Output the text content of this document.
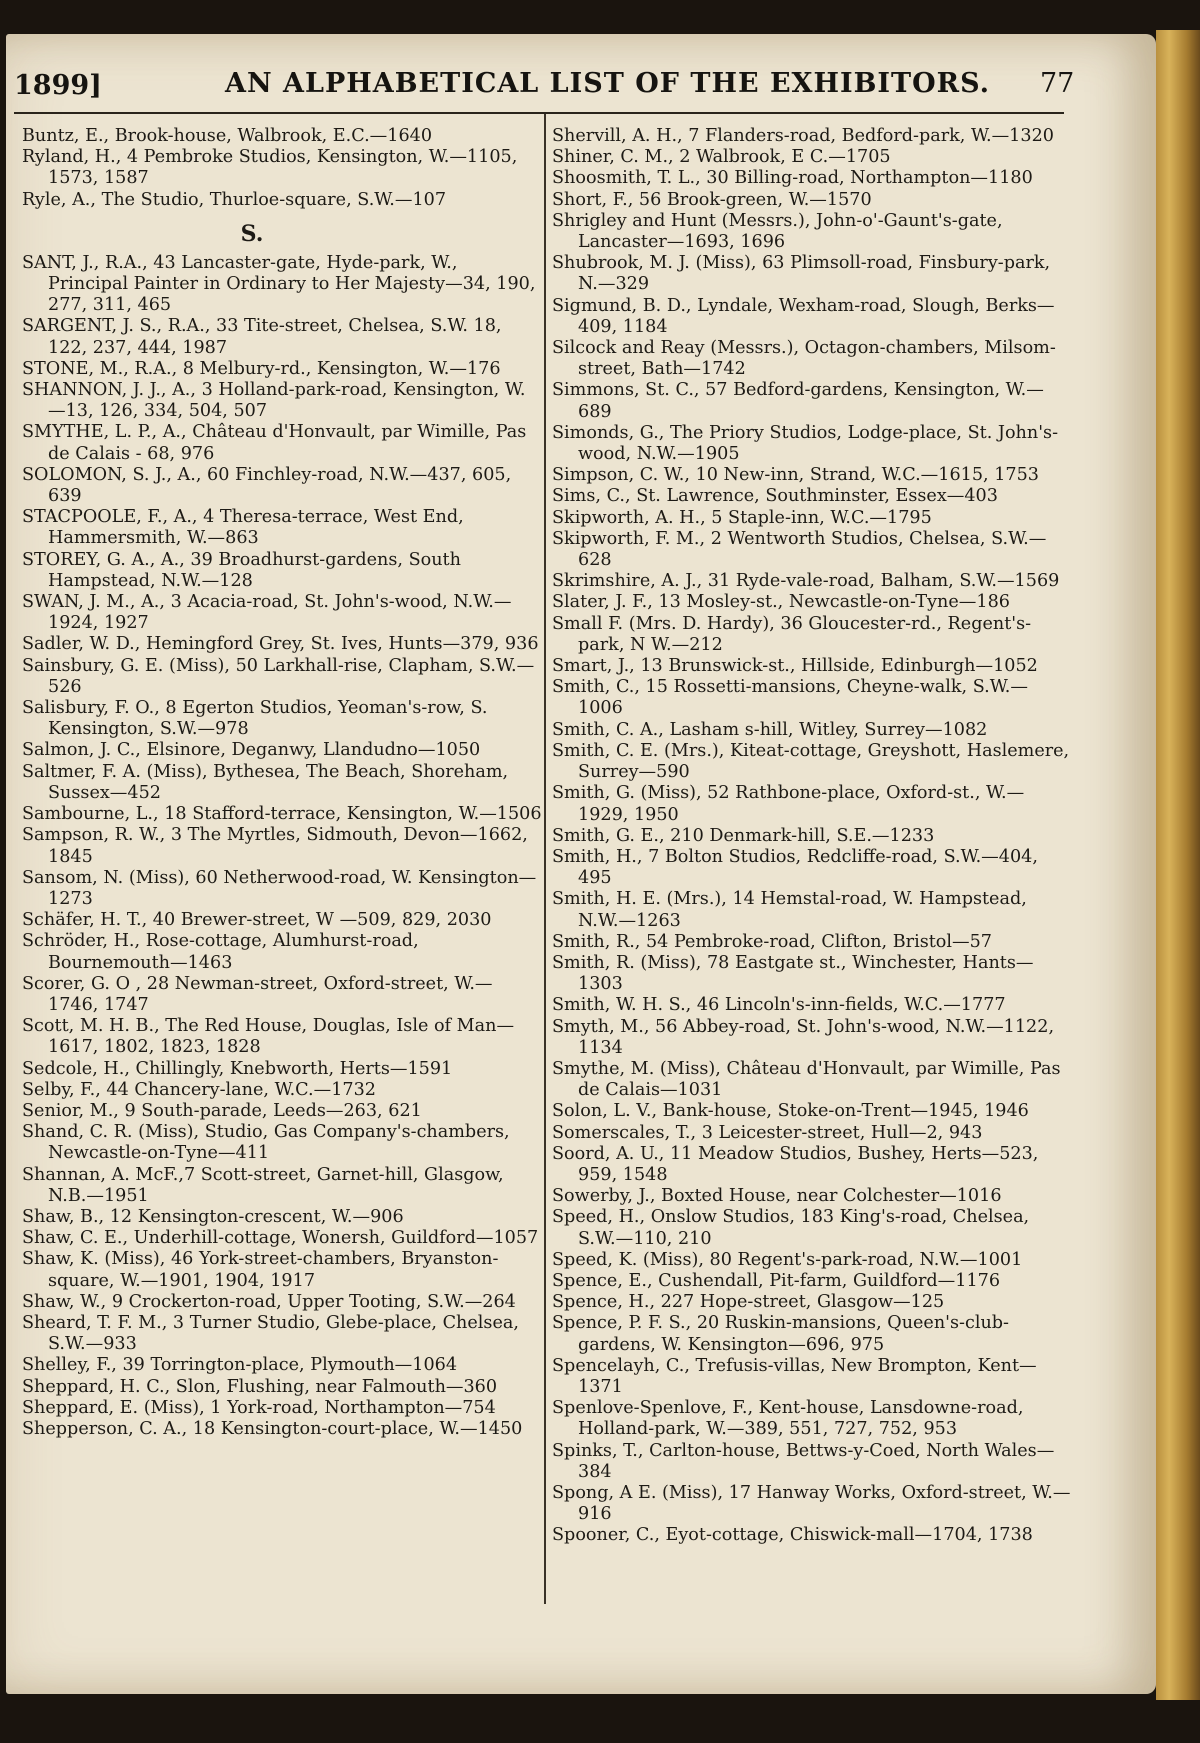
1899]	AN ALPHABETICAL LIST OF THE EXHIBITORS. 77

Buntz, E., Brook-house, Walbrook, E.C.—1640

Ryland, H., 4 Pembroke Studios, Kensington, W.—1105, 1573, 1587

Ryle, A., The Studio, Thurloe-square, S.W.—107

S.

SANT, J., R.A., 43 Lancaster-gate, Hyde-park, W., Principal Painter in Ordinary to Her Majesty—34, 190, 277, 311, 465

SARGENT, J. S., R.A., 33 Tite-street, Chelsea, S.W. 18, 122, 237, 444, 1987

STONE, M., R.A., 8 Melbury-rd., Kensington, W.—176

SHANNON, J. J., A., 3 Holland-park-road, Kensington, W.—13, 126, 334, 504, 507

SMYTHE, L. P., A., Château d'Honvault, par Wimille, Pas de Calais - 68, 976

SOLOMON, S. J., A., 60 Finchley-road, N.W.—437, 605, 639

STACPOOLE, F., A., 4 Theresa-terrace, West End, Hammersmith, W.—863

STOREY, G. A., A., 39 Broadhurst-gardens, South Hampstead, N.W.—128

SWAN, J. M., A., 3 Acacia-road, St. John's-wood, N.W.—1924, 1927

Sadler, W. D., Hemingford Grey, St. Ives, Hunts—379, 936

Sainsbury, G. E. (Miss), 50 Larkhall-rise, Clapham, S.W.—526

Salisbury, F. O., 8 Egerton Studios, Yeoman's-row, S. Kensington, S.W.—978

Salmon, J. C., Elsinore, Deganwy, Llandudno—1050

Saltmer, F. A. (Miss), Bythesea, The Beach, Shoreham, Sussex—452

Sambourne, L., 18 Stafford-terrace, Kensington, W.—1506

Sampson, R. W., 3 The Myrtles, Sidmouth, Devon—1662, 1845

Sansom, N. (Miss), 60 Netherwood-road, W. Kensington—1273

Schäfer, H. T., 40 Brewer-street, W —509, 829, 2030

Schröder, H., Rose-cottage, Alumhurst-road, Bournemouth—1463

Scorer, G. O , 28 Newman-street, Oxford-street, W.—1746, 1747

Scott, M. H. B., The Red House, Douglas, Isle of Man—1617, 1802, 1823, 1828

Sedcole, H., Chillingly, Knebworth, Herts—1591

Selby, F., 44 Chancery-lane, W.C.—1732

Senior, M., 9 South-parade, Leeds—263, 621

Shand, C. R. (Miss), Studio, Gas Company's-chambers, Newcastle-on-Tyne—411

Shannan, A. McF.,7 Scott-street, Garnet-hill, Glasgow, N.B.—1951

Shaw, B., 12 Kensington-crescent, W.—906

Shaw, C. E., Underhill-cottage, Wonersh, Guildford—1057

Shaw, K. (Miss), 46 York-street-chambers, Bryanston-square, W.—1901, 1904, 1917

Shaw, W., 9 Crockerton-road, Upper Tooting, S.W.—264

Sheard, T. F. M., 3 Turner Studio, Glebe-place, Chelsea, S.W.—933

Shelley, F., 39 Torrington-place, Plymouth—1064

Sheppard, H. C., Slon, Flushing, near Falmouth—360

Sheppard, E. (Miss), 1 York-road, Northampton—754

Shepperson, C. A., 18 Kensington-court-place, W.—1450

Shervill, A. H., 7 Flanders-road, Bedford-park, W.—1320

Shiner, C. M., 2 Walbrook, E C.—1705

Shoosmith, T. L., 30 Billing-road, Northampton—1180

Short, F., 56 Brook-green, W.—1570

Shrigley and Hunt (Messrs.), John-o'-Gaunt's-gate, Lancaster—1693, 1696

Shubrook, M. J. (Miss), 63 Plimsoll-road, Finsbury-park, N.—329

Sigmund, B. D., Lyndale, Wexham-road, Slough, Berks—409, 1184

Silcock and Reay (Messrs.), Octagon-chambers, Milsom-street, Bath—1742

Simmons, St. C., 57 Bedford-gardens, Kensington, W.—689

Simonds, G., The Priory Studios, Lodge-place, St. John's-wood, N.W.—1905

Simpson, C. W., 10 New-inn, Strand, W.C.—1615, 1753

Sims, C., St. Lawrence, Southminster, Essex—403

Skipworth, A. H., 5 Staple-inn, W.C.—1795

Skipworth, F. M., 2 Wentworth Studios, Chelsea, S.W.—628

Skrimshire, A. J., 31 Ryde-vale-road, Balham, S.W.—1569

Slater, J. F., 13 Mosley-st., Newcastle-on-Tyne—186

Small F. (Mrs. D. Hardy), 36 Gloucester-rd., Regent's-park, N W.—212

Smart, J., 13 Brunswick-st., Hillside, Edinburgh—1052

Smith, C., 15 Rossetti-mansions, Cheyne-walk, S.W.—1006

Smith, C. A., Lasham s-hill, Witley, Surrey—1082

Smith, C. E. (Mrs.), Kiteat-cottage, Greyshott, Haslemere, Surrey—590

Smith, G. (Miss), 52 Rathbone-place, Oxford-st., W.—1929, 1950

Smith, G. E., 210 Denmark-hill, S.E.—1233

Smith, H., 7 Bolton Studios, Redcliffe-road, S.W.—404, 495

Smith, H. E. (Mrs.), 14 Hemstal-road, W. Hampstead, N.W.—1263

Smith, R., 54 Pembroke-road, Clifton, Bristol—57

Smith, R. (Miss), 78 Eastgate st., Winchester, Hants—1303

Smith, W. H. S., 46 Lincoln's-inn-fields, W.C.—1777

Smyth, M., 56 Abbey-road, St. John's-wood, N.W.—1122, 1134

Smythe, M. (Miss), Château d'Honvault, par Wimille, Pas de Calais—1031

Solon, L. V., Bank-house, Stoke-on-Trent—1945, 1946

Somerscales, T., 3 Leicester-street, Hull—2, 943

Soord, A. U., 11 Meadow Studios, Bushey, Herts—523, 959, 1548

Sowerby, J., Boxted House, near Colchester—1016

Speed, H., Onslow Studios, 183 King's-road, Chelsea, S.W.—110, 210

Speed, K. (Miss), 80 Regent's-park-road, N.W.—1001

Spence, E., Cushendall, Pit-farm, Guildford—1176

Spence, H., 227 Hope-street, Glasgow—125

Spence, P. F. S., 20 Ruskin-mansions, Queen's-club-gardens, W. Kensington—696, 975

Spencelayh, C., Trefusis-villas, New Brompton, Kent—1371

Spenlove-Spenlove, F., Kent-house, Lansdowne-road, Holland-park, W.—389, 551, 727, 752, 953

Spinks, T., Carlton-house, Bettws-y-Coed, North Wales—384

Spong, A E. (Miss), 17 Hanway Works, Oxford-street, W.—916

Spooner, C., Eyot-cottage, Chiswick-mall—1704, 1738
